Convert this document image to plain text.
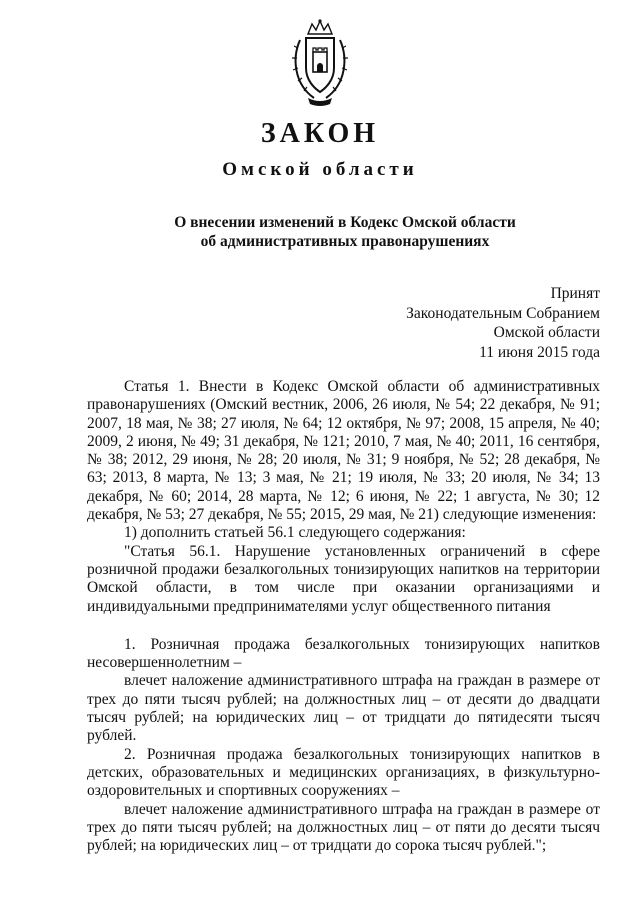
ЗАКОН
Омской области
О внесении изменений в Кодекс Омской области
об административных правонарушениях
Принят
Законодательным Собранием
Омской области
11 июня 2015 года

Статья 1. Внести в Кодекс Омской области об административных правонарушениях (Омский вестник, 2006, 26 июля, № 54; 22 декабря, № 91; 2007, 18 мая, № 38; 27 июля, № 64; 12 октября, № 97; 2008, 15 апреля, № 40; 2009, 2 июня, № 49; 31 декабря, № 121; 2010, 7 мая, № 40; 2011, 16 сентября, № 38; 2012, 29 июня, № 28; 20 июля, № 31; 9 ноября, № 52; 28 декабря, № 63; 2013, 8 марта, № 13; 3 мая, № 21; 19 июля, № 33; 20 июля, № 34; 13 декабря, № 60; 2014, 28 марта, № 12; 6 июня, № 22; 1 августа, № 30; 12 декабря, № 53; 27 декабря, № 55; 2015, 29 мая, № 21) следующие изменения:

1) дополнить статьей 56.1 следующего содержания:

"Статья 56.1. Нарушение установленных ограничений в сфере розничной продажи безалкогольных тонизирующих напитков на территории Омской области, в том числе при оказании организациями и индивидуальными предпринимателями услуг общественного питания

1. Розничная продажа безалкогольных тонизирующих напитков несовершеннолетним –

влечет наложение административного штрафа на граждан в размере от трех до пяти тысяч рублей; на должностных лиц – от десяти до двадцати тысяч рублей; на юридических лиц – от тридцати до пятидесяти тысяч рублей.

2. Розничная продажа безалкогольных тонизирующих напитков в детских, образовательных и медицинских организациях, в физкультурно-оздоровительных и спортивных сооружениях –

влечет наложение административного штрафа на граждан в размере от трех до пяти тысяч рублей; на должностных лиц – от пяти до десяти тысяч рублей; на юридических лиц – от тридцати до сорока тысяч рублей.";
